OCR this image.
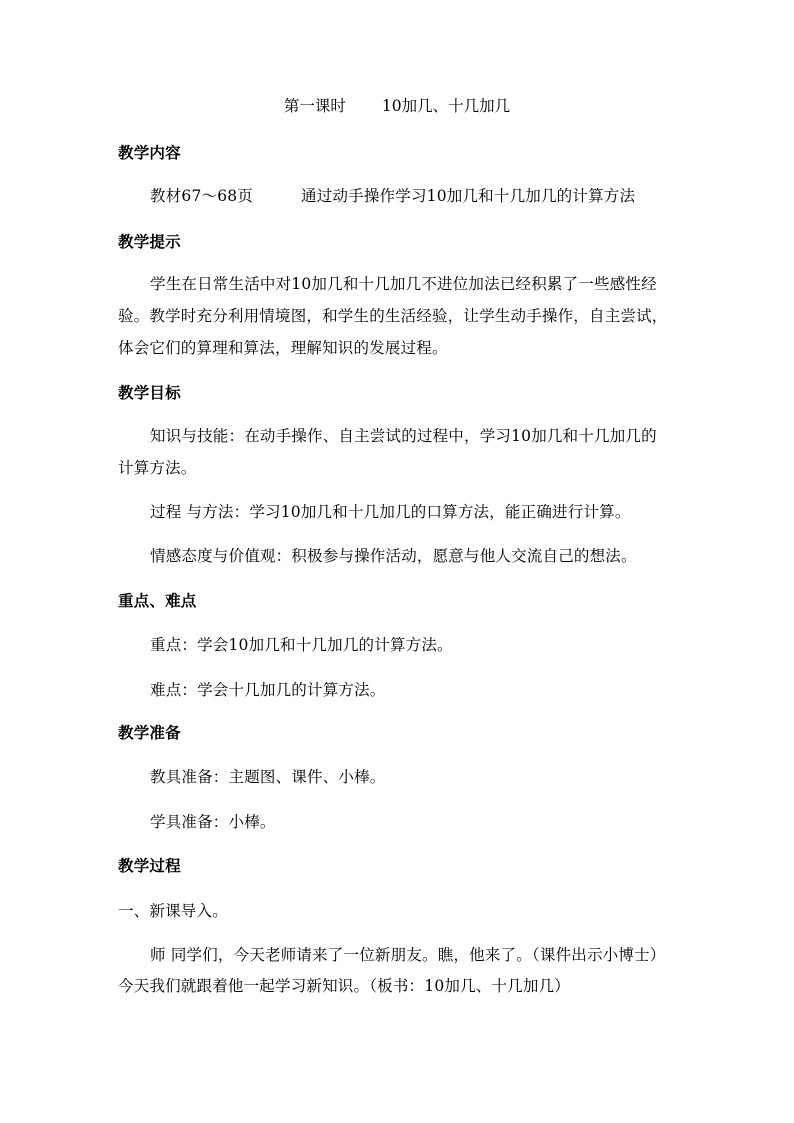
第一课时 10加几、十几加几
教学内容
教材67～68页	通过动手操作学习10加几和十几加几的计算方法
教学提示
学生在日常生活中对10加几和十几加几不进位加法已经积累了一些感性经
验。教学时充分利用情境图，和学生的生活经验，让学生动手操作，自主尝试，
体会它们的算理和算法，理解知识的发展过程。
教学目标
知识与技能：在动手操作、自主尝试的过程中，学习10加几和十几加几的
计算方法。
过程 与方法：学习10加几和十几加几的口算方法，能正确进行计算。
情感态度与价值观：积极参与操作活动，愿意与他人交流自己的想法。
重点、难点
重点：学会10加几和十几加几的计算方法。
难点：学会十几加几的计算方法。
教学准备
教具准备：主题图、课件、小棒。
学具准备：小棒。
教学过程
一、新课导入。
师 同学们，今天老师请来了一位新朋友。瞧，他来了。（课件出示小博士）
今天我们就跟着他一起学习新知识。（板书：10加几、十几加几）
